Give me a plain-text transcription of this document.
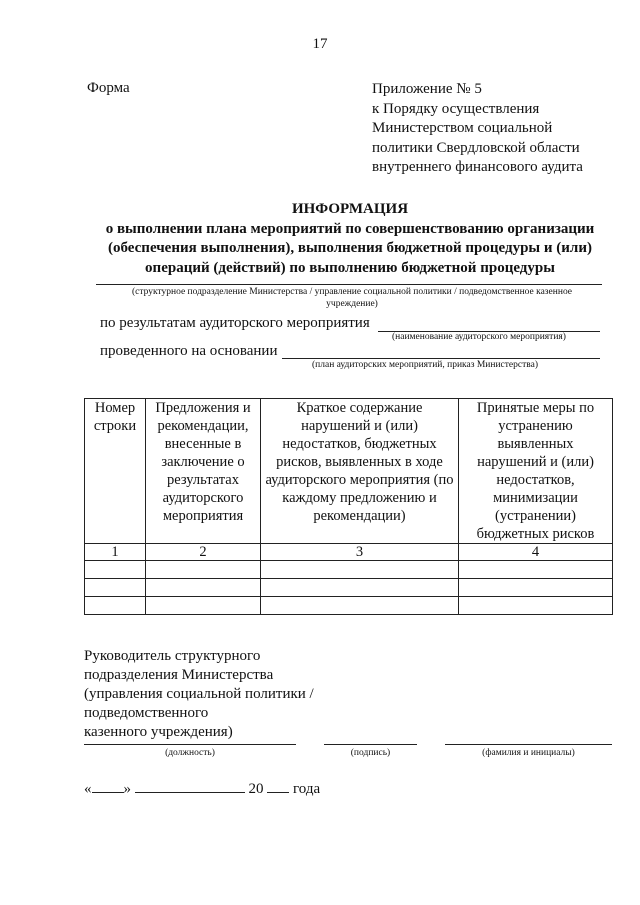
17
Форма	Приложение № 5
к Порядку осуществления
Министерством социальной
политики Свердловской области
внутреннего финансового аудита
ИНФОРМАЦИЯ
о выполнении плана мероприятий по совершенствованию организации
(обеспечения выполнения), выполнения бюджетной процедуры и (или)
операций (действий) по выполнению бюджетной процедуры
(структурное подразделение Министерства / управление социальной политики / подведомственное казенное
учреждение)
по результатам аудиторского мероприятия
(наименование аудиторского мероприятия)
проведенного на основании
(план аудиторских мероприятий, приказ Министерства)
Номер строки	Предложения и рекомендации, внесенные в заключение о результатах аудиторского мероприятия	Краткое содержание нарушений и (или) недостатков, бюджетных рисков, выявленных в ходе аудиторского мероприятия (по каждому предложению и рекомендации)	Принятые меры по устранению выявленных нарушений и (или) недостатков, минимизации (устранении) бюджетных рисков
1	2	3	4

Руководитель структурного
подразделения Министерства
(управления социальной политики /
подведомственного
казенного учреждения)
(должность)	(подпись)	(фамилия и инициалы)
« »	20 года
